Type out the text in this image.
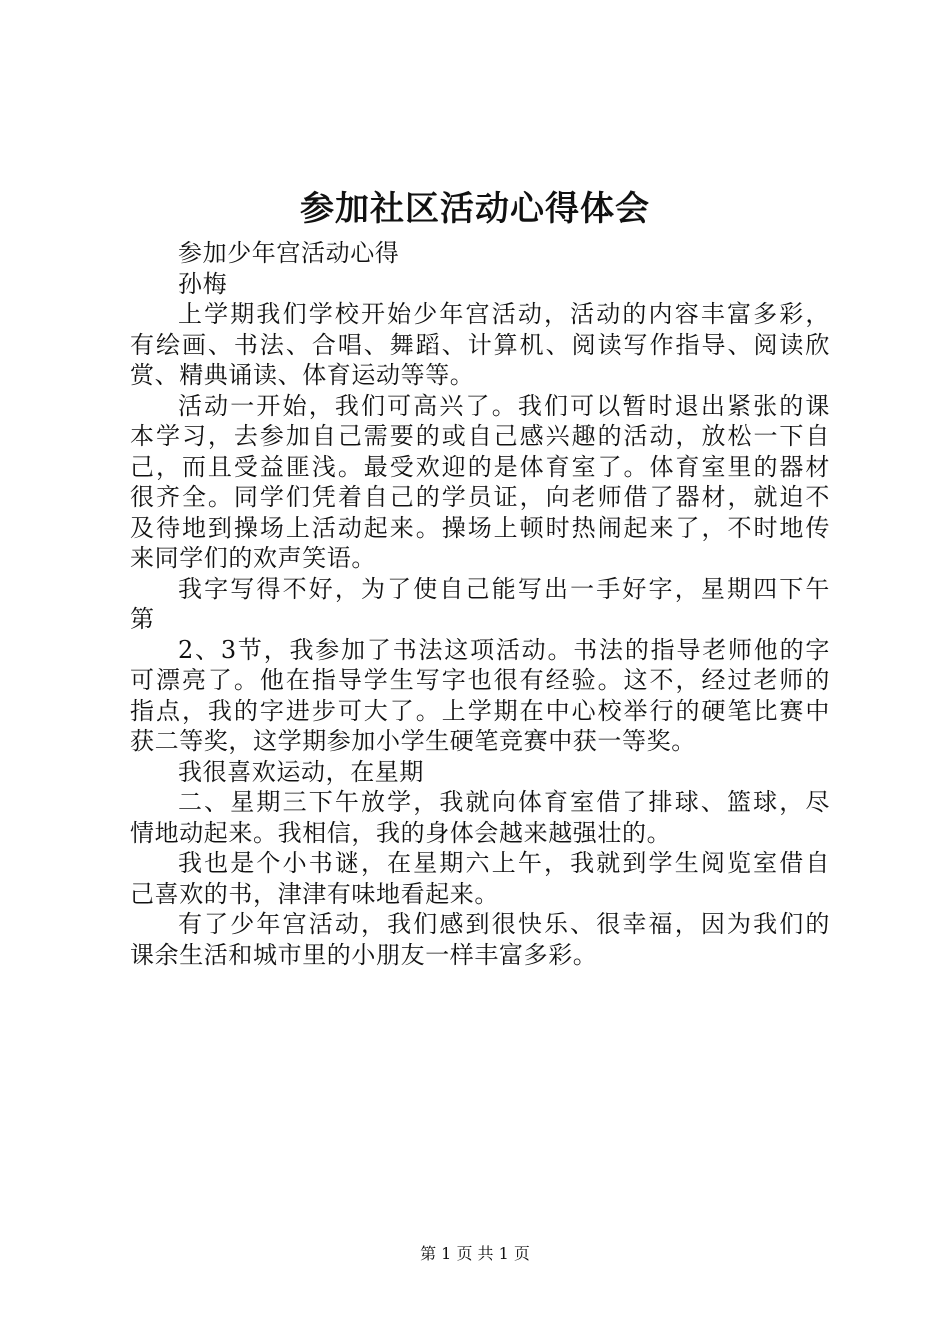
参加社区活动心得体会
参加少年宫活动心得
孙梅
上学期我们学校开始少年宫活动，活动的内容丰富多彩，
有绘画、书法、合唱、舞蹈、计算机、阅读写作指导、阅读欣
赏、精典诵读、体育运动等等。
活动一开始，我们可高兴了。我们可以暂时退出紧张的课
本学习，去参加自己需要的或自己感兴趣的活动，放松一下自
己，而且受益匪浅。最受欢迎的是体育室了。体育室里的器材
很齐全。同学们凭着自己的学员证，向老师借了器材，就迫不
及待地到操场上活动起来。操场上顿时热闹起来了，不时地传
来同学们的欢声笑语。
我字写得不好，为了使自己能写出一手好字，星期四下午
第
2、3节，我参加了书法这项活动。书法的指导老师他的字
可漂亮了。他在指导学生写字也很有经验。这不，经过老师的
指点，我的字进步可大了。上学期在中心校举行的硬笔比赛中
获二等奖，这学期参加小学生硬笔竞赛中获一等奖。
我很喜欢运动，在星期
二、星期三下午放学，我就向体育室借了排球、篮球，尽
情地动起来。我相信，我的身体会越来越强壮的。
我也是个小书谜，在星期六上午，我就到学生阅览室借自
己喜欢的书，津津有味地看起来。
有了少年宫活动，我们感到很快乐、很幸福，因为我们的
课余生活和城市里的小朋友一样丰富多彩。
第 1 页 共 1 页
